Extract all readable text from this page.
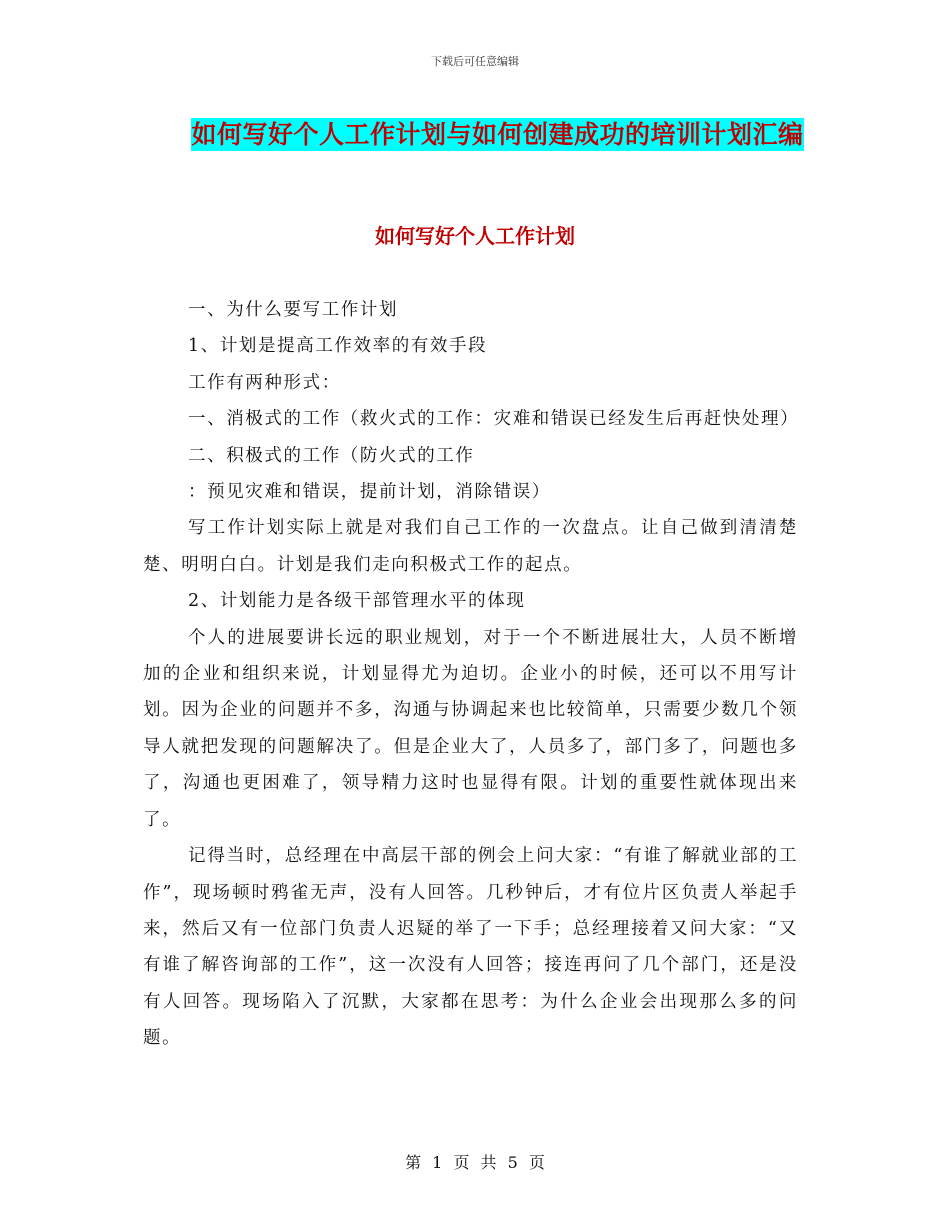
下载后可任意编辑
如何写好个人工作计划与如何创建成功的培训计划汇编
如何写好个人工作计划

一、为什么要写工作计划

1、计划是提高工作效率的有效手段

工作有两种形式：

一、消极式的工作（救火式的工作：灾难和错误已经发生后再赶快处理）

二、积极式的工作（防火式的工作

：预见灾难和错误，提前计划，消除错误）

写工作计划实际上就是对我们自己工作的一次盘点。让自己做到清清楚楚、明明白白。计划是我们走向积极式工作的起点。

2、计划能力是各级干部管理水平的体现

个人的进展要讲长远的职业规划，对于一个不断进展壮大，人员不断增加的企业和组织来说，计划显得尤为迫切。企业小的时候，还可以不用写计划。因为企业的问题并不多，沟通与协调起来也比较简单，只需要少数几个领导人就把发现的问题解决了。但是企业大了，人员多了，部门多了，问题也多了，沟通也更困难了，领导精力这时也显得有限。计划的重要性就体现出来了。

记得当时，总经理在中高层干部的例会上问大家：“有谁了解就业部的工作”，现场顿时鸦雀无声，没有人回答。几秒钟后，才有位片区负责人举起手来，然后又有一位部门负责人迟疑的举了一下手；总经理接着又问大家：“又有谁了解咨询部的工作”，这一次没有人回答；接连再问了几个部门，还是没有人回答。现场陷入了沉默，大家都在思考：为什么企业会出现那么多的问题。

第 1 页 共 5 页
